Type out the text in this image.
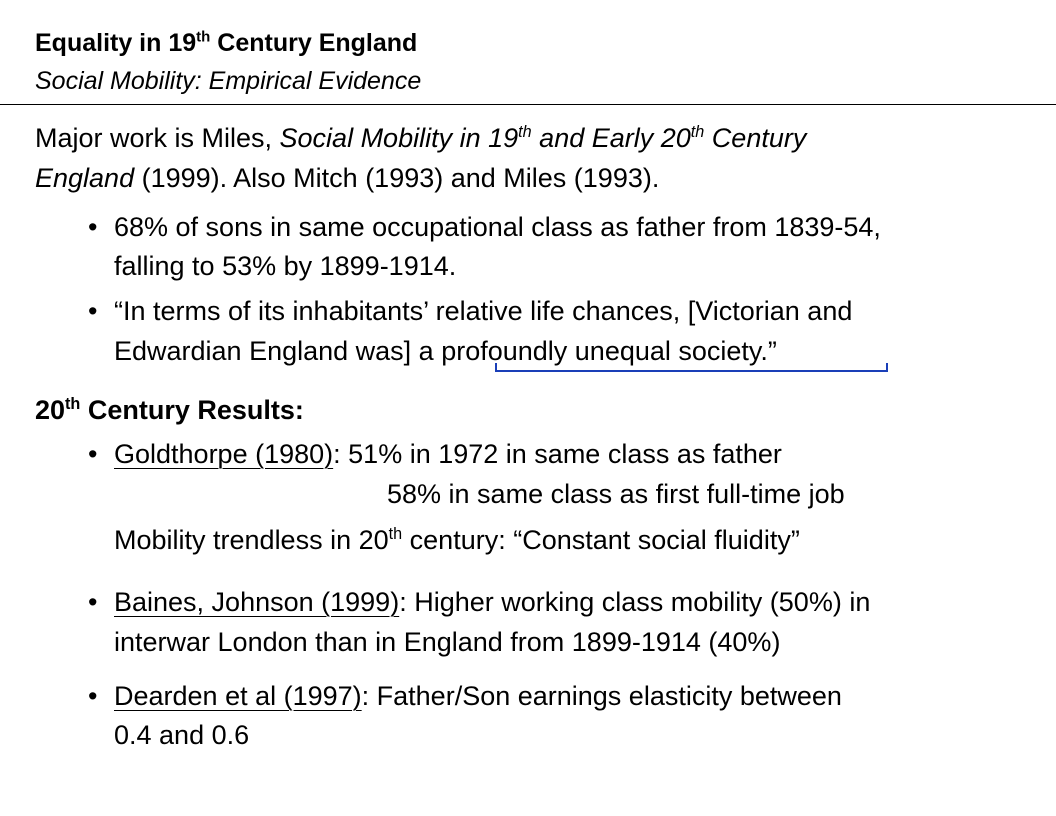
Equality in 19th Century England
Social Mobility: Empirical Evidence
Major work is Miles, Social Mobility in 19th and Early 20th Century
England (1999). Also Mitch (1993) and Miles (1993).
• 68% of sons in same occupational class as father from 1839-54,
falling to 53% by 1899-1914.
• “In terms of its inhabitants’ relative life chances, [Victorian and
Edwardian England was] a profoundly unequal society.”
20th Century Results:
• Goldthorpe (1980): 51% in 1972 in same class as father
58% in same class as first full-time job
Mobility trendless in 20th century: “Constant social fluidity”
• Baines, Johnson (1999): Higher working class mobility (50%) in
interwar London than in England from 1899-1914 (40%)
• Dearden et al (1997): Father/Son earnings elasticity between
0.4 and 0.6
